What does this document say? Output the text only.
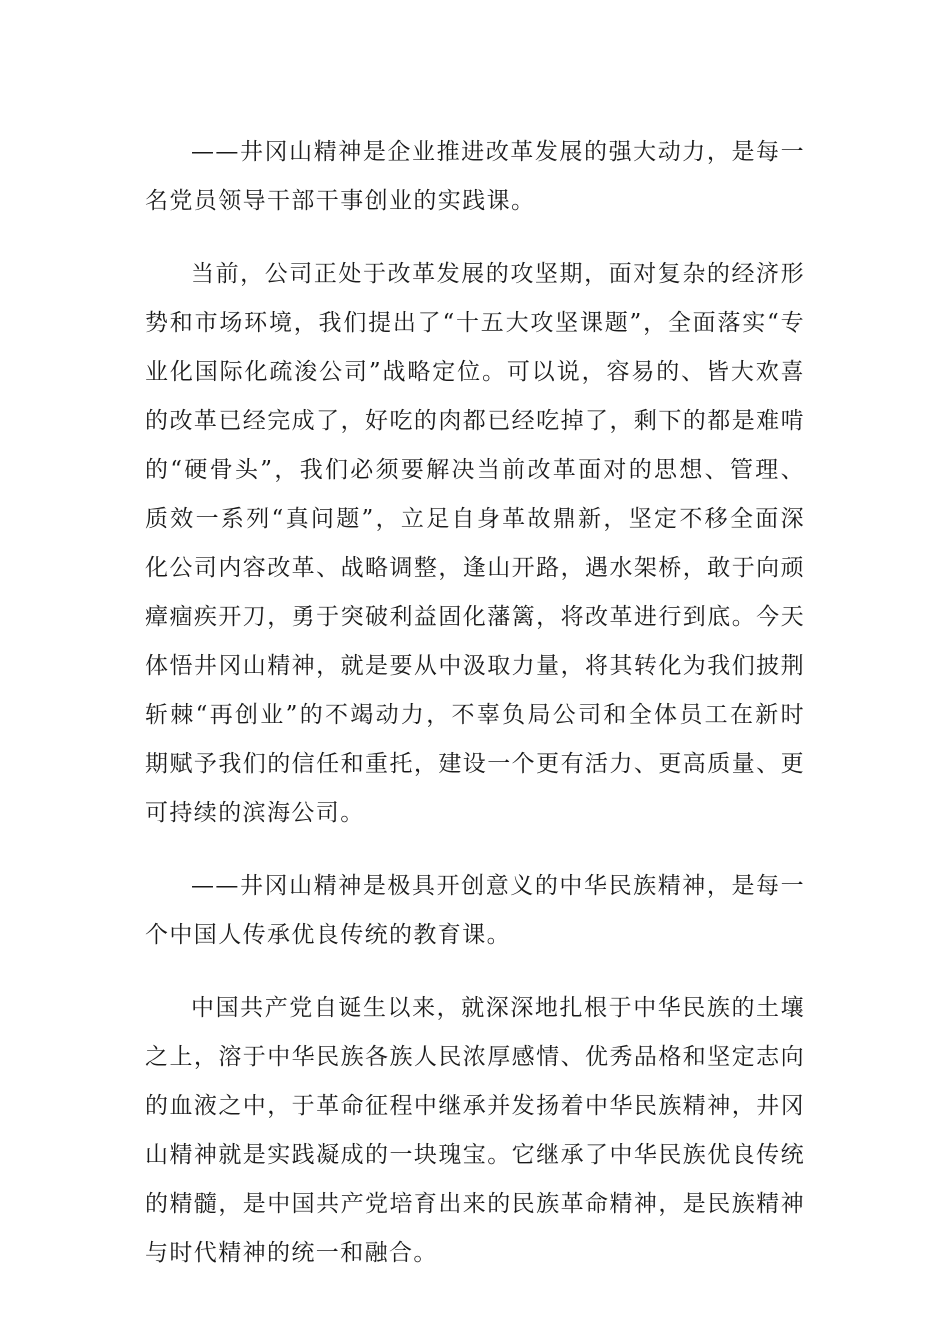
——井冈山精神是企业推进改革发展的强大动力，是每一名党员领导干部干事创业的实践课。

当前，公司正处于改革发展的攻坚期，面对复杂的经济形势和市场环境，我们提出了“十五大攻坚课题”，全面落实“专业化国际化疏浚公司”战略定位。可以说，容易的、皆大欢喜的改革已经完成了，好吃的肉都已经吃掉了，剩下的都是难啃的“硬骨头”，我们必须要解决当前改革面对的思想、管理、质效一系列“真问题”，立足自身革故鼎新，坚定不移全面深化公司内容改革、战略调整，逢山开路，遇水架桥，敢于向顽瘴痼疾开刀，勇于突破利益固化藩篱，将改革进行到底。今天体悟井冈山精神，就是要从中汲取力量，将其转化为我们披荆斩棘“再创业”的不竭动力，不辜负局公司和全体员工在新时期赋予我们的信任和重托，建设一个更有活力、更高质量、更可持续的滨海公司。

——井冈山精神是极具开创意义的中华民族精神，是每一个中国人传承优良传统的教育课。

中国共产党自诞生以来，就深深地扎根于中华民族的土壤之上，溶于中华民族各族人民浓厚感情、优秀品格和坚定志向的血液之中，于革命征程中继承并发扬着中华民族精神，井冈山精神就是实践凝成的一块瑰宝。它继承了中华民族优良传统的精髓，是中国共产党培育出来的民族革命精神，是民族精神与时代精神的统一和融合。
